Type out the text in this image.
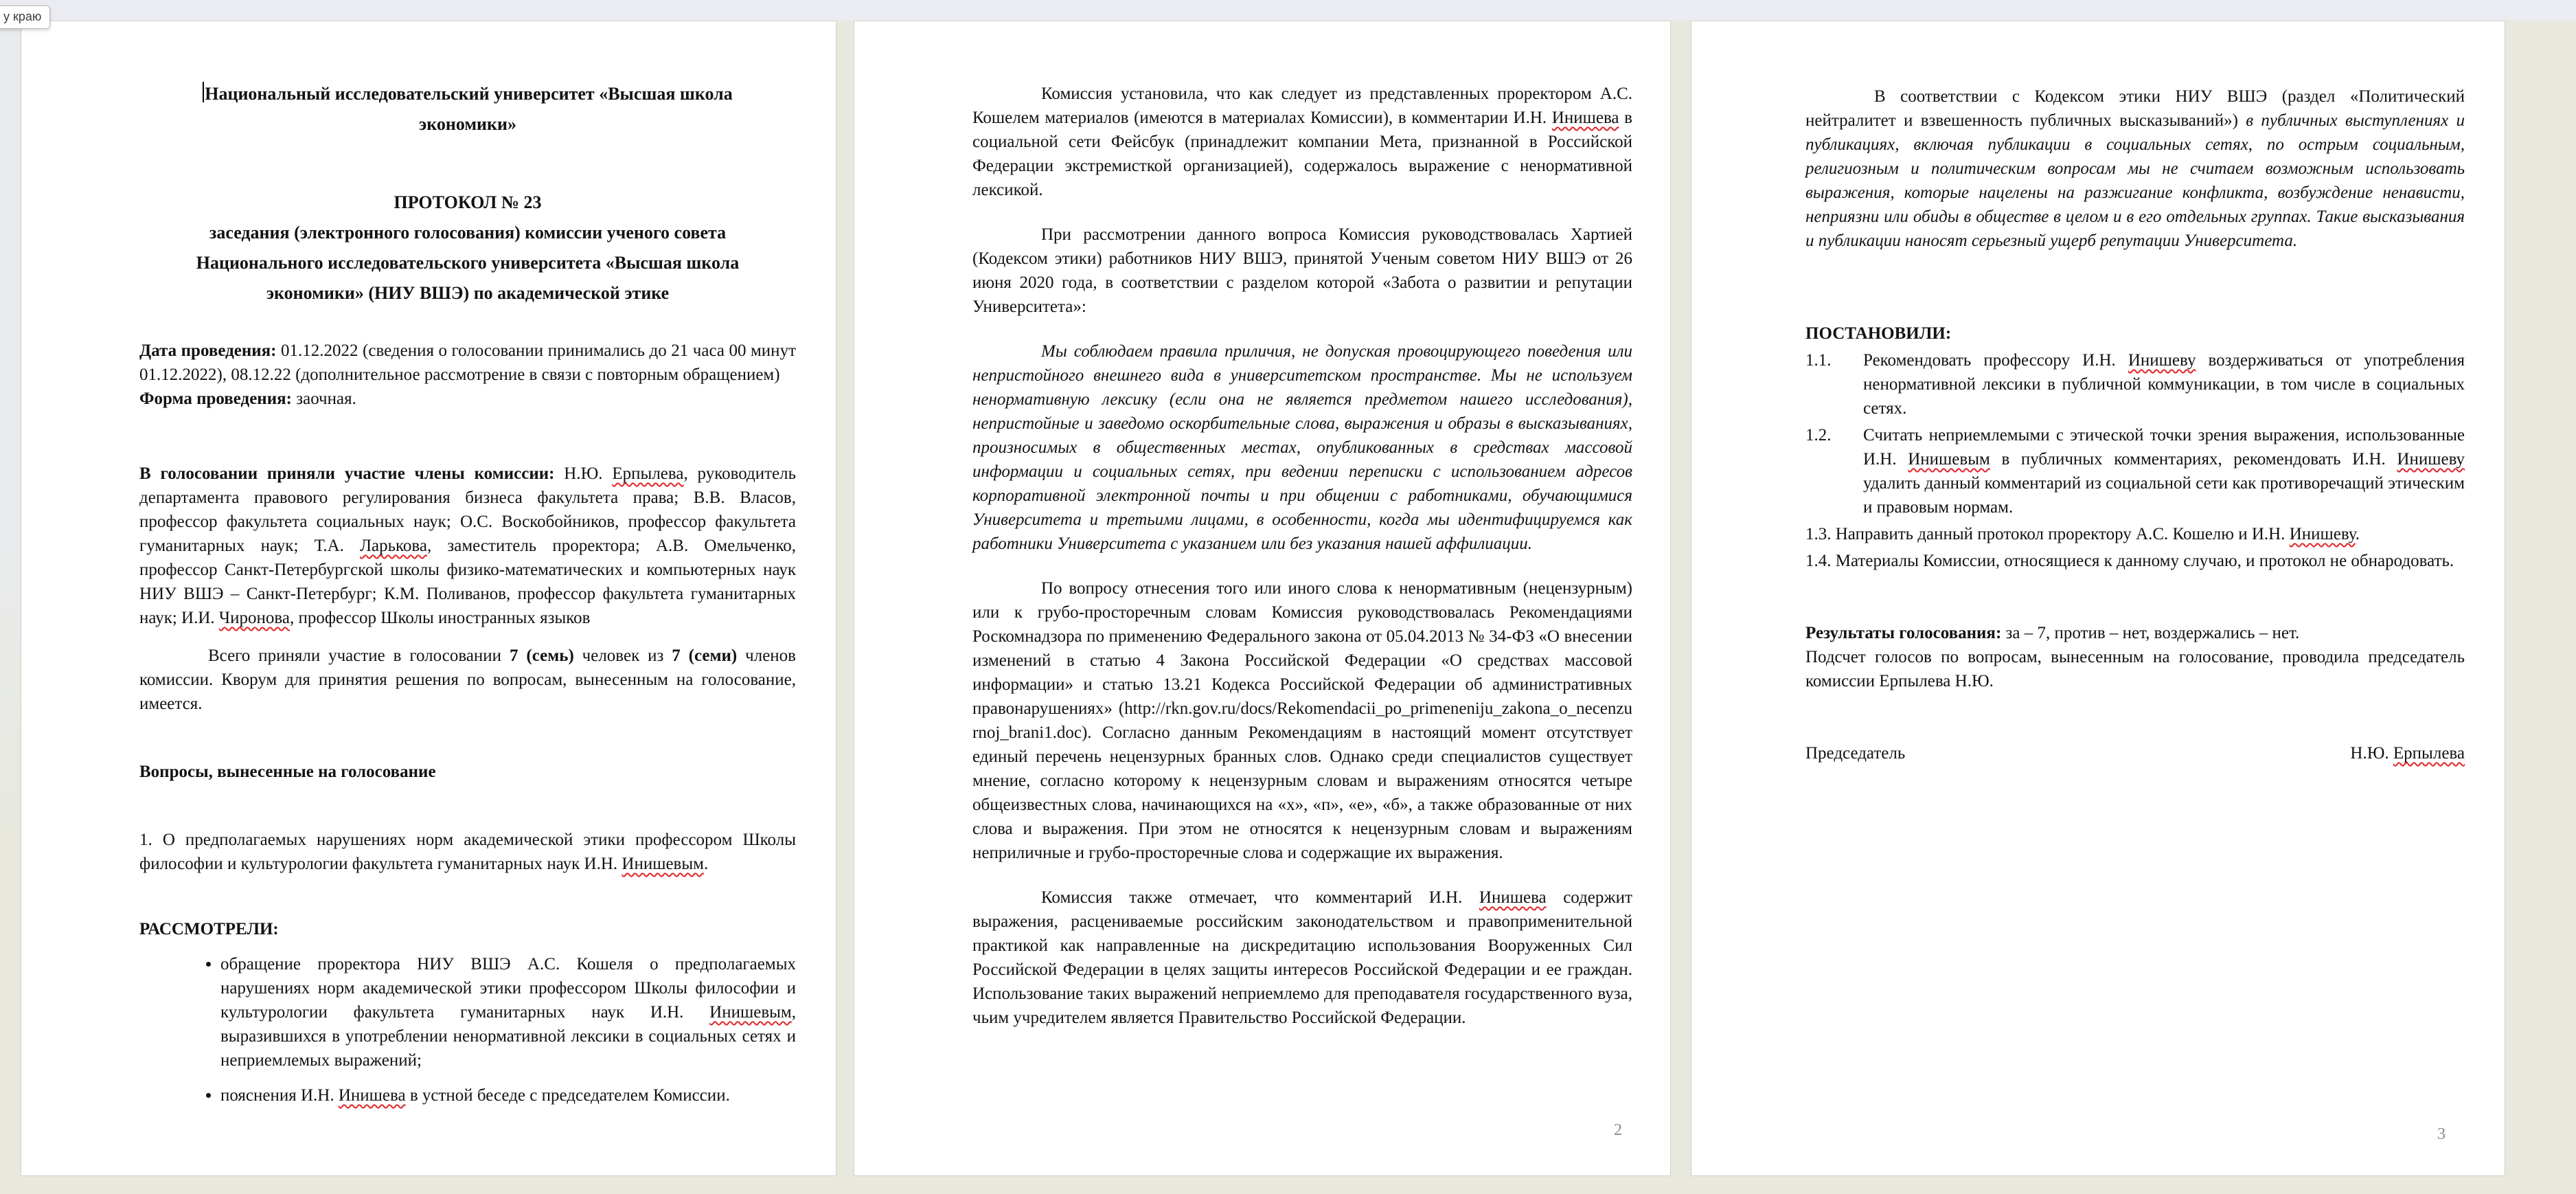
у краю
Национальный исследовательский университет «Высшая школа
экономики»
ПРОТОКОЛ № 23
заседания (электронного голосования) комиссии ученого совета
Национального исследовательского университета «Высшая школа
экономики» (НИУ ВШЭ) по академической этике

Дата проведения: 01.12.2022 (сведения о голосовании принимались до 21 часа 00 минут 01.12.2022), 08.12.22 (дополнительное рассмотрение в связи с повторным обращением)

Форма проведения: заочная.

В голосовании приняли участие члены комиссии: Н.Ю. Ерпылева, руководитель департамента правового регулирования бизнеса факультета права; В.В. Власов, профессор факультета социальных наук; О.С. Воскобойников, профессор факультета гуманитарных наук; Т.А. Ларькова, заместитель проректора; А.В. Омельченко, профессор Санкт-Петербургской школы физико-математических и компьютерных наук НИУ ВШЭ – Санкт-Петербург; К.М. Поливанов, профессор факультета гуманитарных наук; И.И. Чиронова, профессор Школы иностранных языков

Всего приняли участие в голосовании 7 (семь) человек из 7 (семи) членов комиссии. Кворум для принятия решения по вопросам, вынесенным на голосование, имеется.

Вопросы, вынесенные на голосование

1. О предполагаемых нарушениях норм академической этики профессором Школы философии и культурологии факультета гуманитарных наук И.Н. Инишевым.

РАССМОТРЕЛИ:

• обращение проректора НИУ ВШЭ А.С. Кошеля о предполагаемых нарушениях норм академической этики профессором Школы философии и культурологии факультета гуманитарных наук И.Н. Инишевым, выразившихся в употреблении ненормативной лексики в социальных сетях и неприемлемых выражений;
• пояснения И.Н. Инишева в устной беседе с председателем Комиссии.

Комиссия установила, что как следует из представленных проректором А.С. Кошелем материалов (имеются в материалах Комиссии), в комментарии И.Н. Инишева в социальной сети Фейсбук (принадлежит компании Мета, признанной в Российской Федерации экстремисткой организацией), содержалось выражение с ненормативной лексикой.

При рассмотрении данного вопроса Комиссия руководствовалась Хартией (Кодексом этики) работников НИУ ВШЭ, принятой Ученым советом НИУ ВШЭ от 26 июня 2020 года, в соответствии с разделом которой «Забота о развитии и репутации Университета»:

Мы соблюдаем правила приличия, не допуская провоцирующего поведения или непристойного внешнего вида в университетском пространстве. Мы не используем ненормативную лексику (если она не является предметом нашего исследования), непристойные и заведомо оскорбительные слова, выражения и образы в высказываниях, произносимых в общественных местах, опубликованных в средствах массовой информации и социальных сетях, при ведении переписки с использованием адресов корпоративной электронной почты и при общении с работниками, обучающимися Университета и третьими лицами, в особенности, когда мы идентифицируемся как работники Университета с указанием или без указания нашей аффилиации.

По вопросу отнесения того или иного слова к ненормативным (нецензурным) или к грубо-просторечным словам Комиссия руководствовалась Рекомендациями Роскомнадзора по применению Федерального закона от 05.04.2013 № 34-ФЗ «О внесении изменений в статью 4 Закона Российской Федерации «О средствах массовой информации» и статью 13.21 Кодекса Российской Федерации об административных правонарушениях» (http://rkn.gov.ru/docs/Rekomendacii_po_primeneniju_zakona_o_necenzurnoj_brani1.doc). Согласно данным Рекомендациям в настоящий момент отсутствует единый перечень нецензурных бранных слов. Однако среди специалистов существует мнение, согласно которому к нецензурным словам и выражениям относятся четыре общеизвестных слова, начинающихся на «х», «п», «е», «б», а также образованные от них слова и выражения. При этом не относятся к нецензурным словам и выражениям неприличные и грубо-просторечные слова и содержащие их выражения.

Комиссия также отмечает, что комментарий И.Н. Инишева содержит выражения, расцениваемые российским законодательством и правоприменительной практикой как направленные на дискредитацию использования Вооруженных Сил Российской Федерации в целях защиты интересов Российской Федерации и ее граждан. Использование таких выражений неприемлемо для преподавателя государственного вуза, чьим учредителем является Правительство Российской Федерации.

2

В соответствии с Кодексом этики НИУ ВШЭ (раздел «Политический нейтралитет и взвешенность публичных высказываний») в публичных выступлениях и публикациях, включая публикации в социальных сетях, по острым социальным, религиозным и политическим вопросам мы не считаем возможным использовать выражения, которые нацелены на разжигание конфликта, возбуждение ненависти, неприязни или обиды в обществе в целом и в его отдельных группах. Такие высказывания и публикации наносят серьезный ущерб репутации Университета.

ПОСТАНОВИЛИ:

1.1.	Рекомендовать профессору И.Н. Инишеву воздерживаться от употребления ненормативной лексики в публичной коммуникации, в том числе в социальных сетях.
1.2.	Считать неприемлемыми с этической точки зрения выражения, использованные И.Н. Инишевым в публичных комментариях, рекомендовать И.Н. Инишеву удалить данный комментарий из социальной сети как противоречащий этическим и правовым нормам.

1.3. Направить данный протокол проректору А.С. Кошелю и И.Н. Инишеву.

1.4. Материалы Комиссии, относящиеся к данному случаю, и протокол не обнародовать.

Результаты голосования: за – 7, против – нет, воздержались – нет.

Подсчет голосов по вопросам, вынесенным на голосование, проводила председатель комиссии Ерпылева Н.Ю.

Председатель	Н.Ю. Ерпылева
3
